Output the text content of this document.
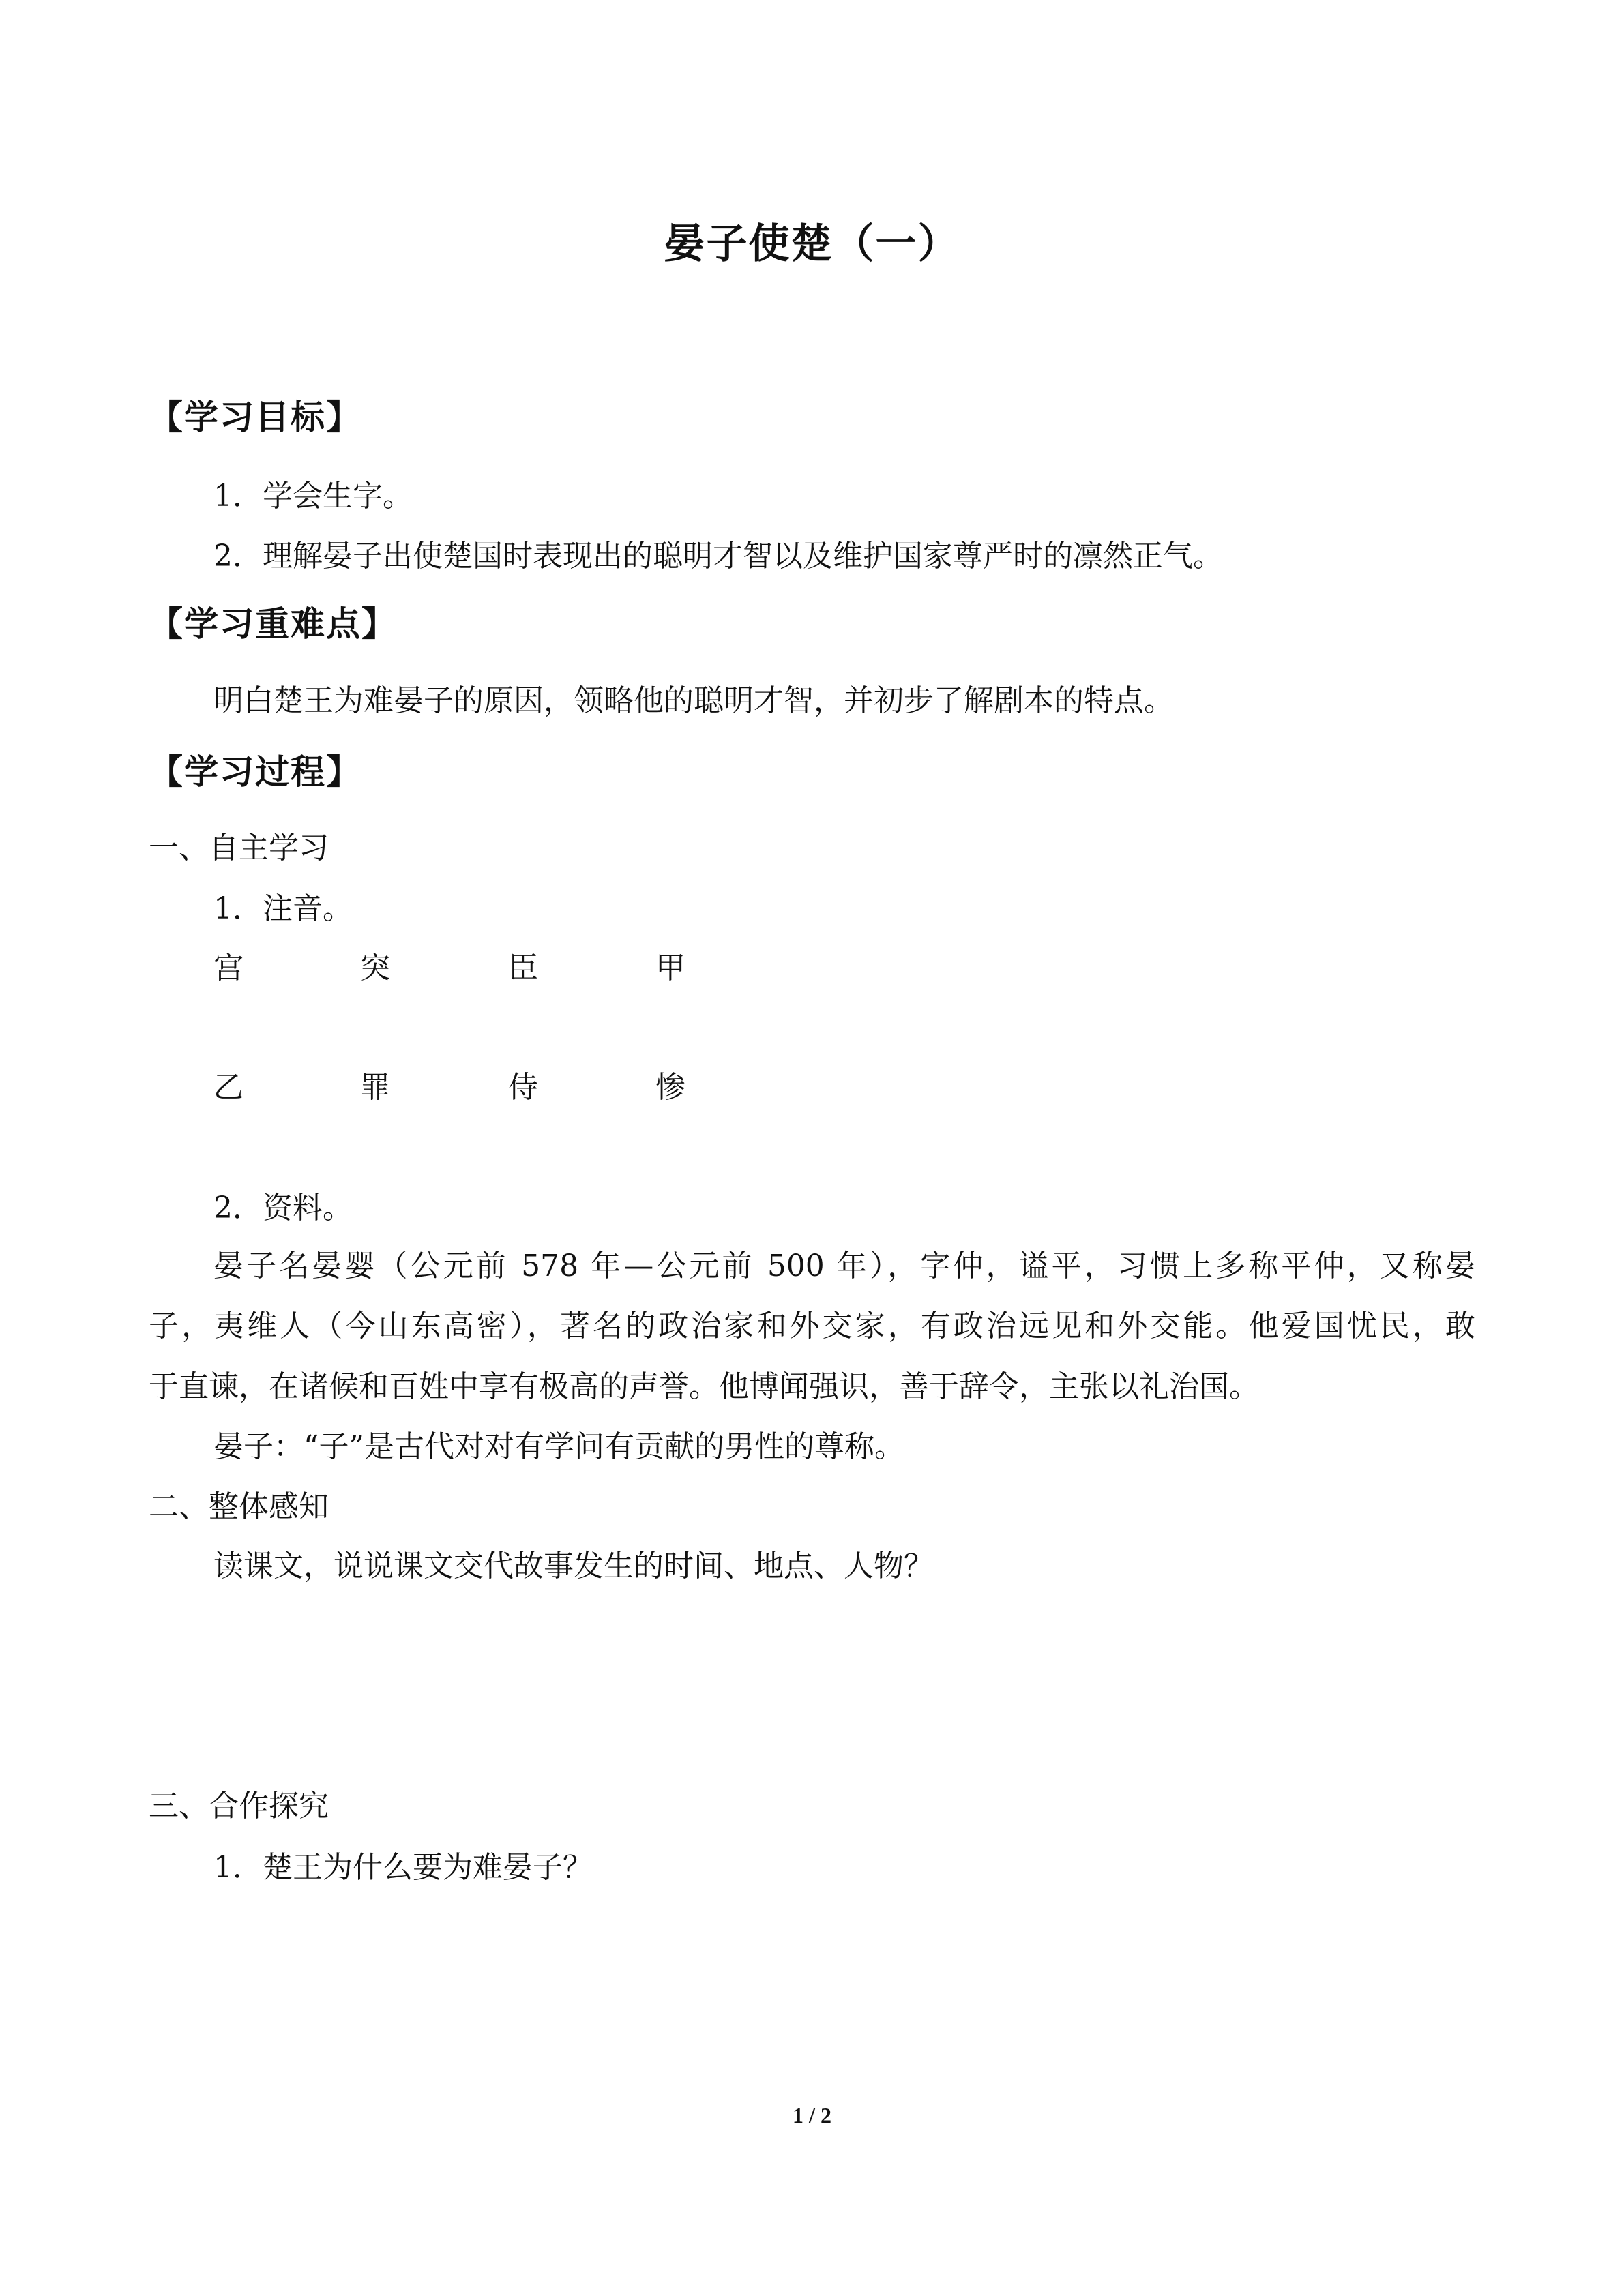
晏子使楚（一）
【学习目标】
1．学会生字。
2．理解晏子出使楚国时表现出的聪明才智以及维护国家尊严时的凛然正气。
【学习重难点】
明白楚王为难晏子的原因，领略他的聪明才智，并初步了解剧本的特点。
【学习过程】
一、自主学习
1．注音。
宫	突	臣	甲
乙	罪	侍	惨
2．资料。
晏子名晏婴（公元前 578 年—公元前 500 年），字仲，谥平，习惯上多称平仲，又称晏
子，夷维人（今山东高密），著名的政治家和外交家，有政治远见和外交能。他爱国忧民，敢
于直谏，在诸候和百姓中享有极高的声誉。他博闻强识，善于辞令，主张以礼治国。
晏子：“子”是古代对对有学问有贡献的男性的尊称。
二、整体感知
读课文，说说课文交代故事发生的时间、地点、人物？
三、合作探究
1．楚王为什么要为难晏子？
1 / 2
